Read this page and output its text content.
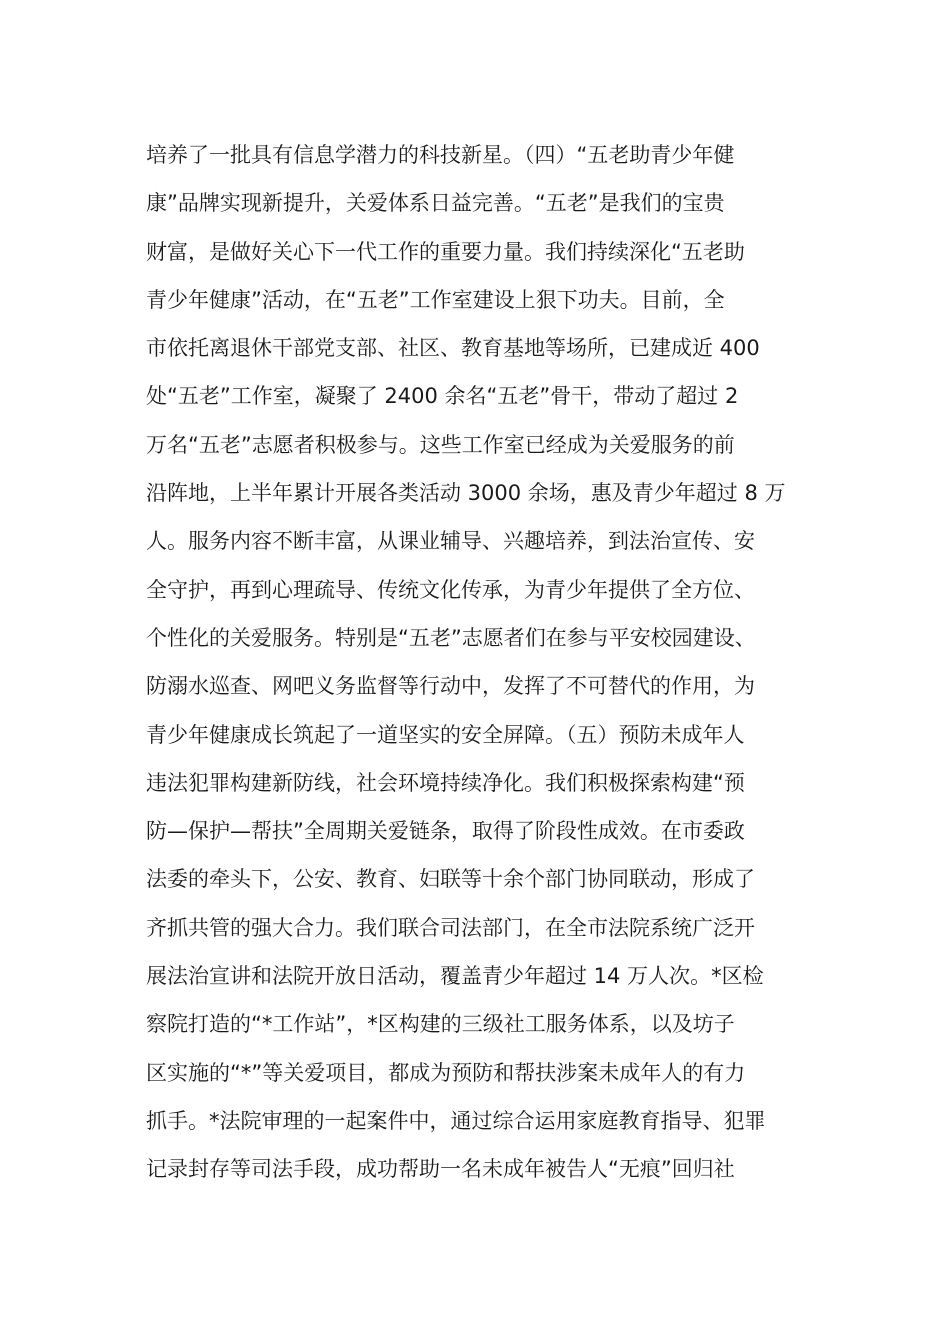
培养了一批具有信息学潜力的科技新星。（四）“五老助青少年健
康”品牌实现新提升，关爱体系日益完善。“五老”是我们的宝贵
财富，是做好关心下一代工作的重要力量。我们持续深化“五老助
青少年健康”活动，在“五老”工作室建设上狠下功夫。目前，全
市依托离退休干部党支部、社区、教育基地等场所，已建成近 400
处“五老”工作室，凝聚了 2400 余名“五老”骨干，带动了超过 2
万名“五老”志愿者积极参与。这些工作室已经成为关爱服务的前
沿阵地，上半年累计开展各类活动 3000 余场，惠及青少年超过 8 万
人。服务内容不断丰富，从课业辅导、兴趣培养，到法治宣传、安
全守护，再到心理疏导、传统文化传承，为青少年提供了全方位、
个性化的关爱服务。特别是“五老”志愿者们在参与平安校园建设、
防溺水巡查、网吧义务监督等行动中，发挥了不可替代的作用，为
青少年健康成长筑起了一道坚实的安全屏障。（五）预防未成年人
违法犯罪构建新防线，社会环境持续净化。我们积极探索构建“预
防—保护—帮扶”全周期关爱链条，取得了阶段性成效。在市委政
法委的牵头下，公安、教育、妇联等十余个部门协同联动，形成了
齐抓共管的强大合力。我们联合司法部门，在全市法院系统广泛开
展法治宣讲和法院开放日活动，覆盖青少年超过 14 万人次。*区检
察院打造的“*工作站”，*区构建的三级社工服务体系，以及坊子
区实施的“*”等关爱项目，都成为预防和帮扶涉案未成年人的有力
抓手。*法院审理的一起案件中，通过综合运用家庭教育指导、犯罪
记录封存等司法手段，成功帮助一名未成年被告人“无痕”回归社
